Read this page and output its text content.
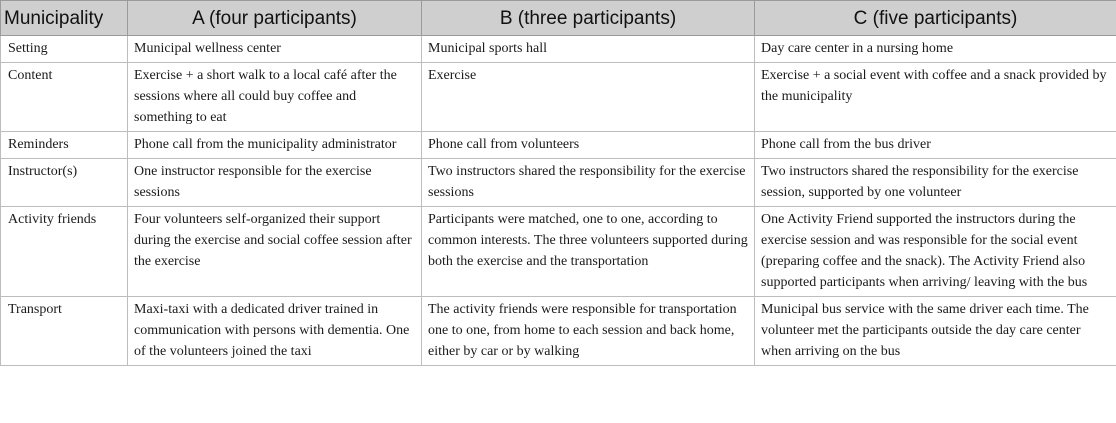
Municipality	A (four participants)	B (three participants)	C (five participants)
Setting	Municipal wellness center	Municipal sports hall	Day care center in a nursing home
Content	Exercise + a short walk to a local café after the sessions where all could buy coffee and something to eat	Exercise	Exercise + a social event with coffee and a snack provided by the municipality
Reminders	Phone call from the municipality administrator	Phone call from volunteers	Phone call from the bus driver
Instructor(s)	One instructor responsible for the exercise sessions	Two instructors shared the responsibility for the exercise sessions	Two instructors shared the responsibility for the exercise session, supported by one volunteer
Activity friends	Four volunteers self-organized their support during the exercise and social coffee session after the exercise	Participants were matched, one to one, according to common interests. The three volunteers supported during both the exercise and the transportation	One Activity Friend supported the instructors during the exercise session and was responsible for the social event (preparing coffee and the snack). The Activity Friend also supported participants when arriving/ leaving with the bus
Transport	Maxi-taxi with a dedicated driver trained in communication with persons with dementia. One of the volunteers joined the taxi	The activity friends were responsible for transportation one to one, from home to each session and back home, either by car or by walking	Municipal bus service with the same driver each time. The volunteer met the participants outside the day care center when arriving on the bus
